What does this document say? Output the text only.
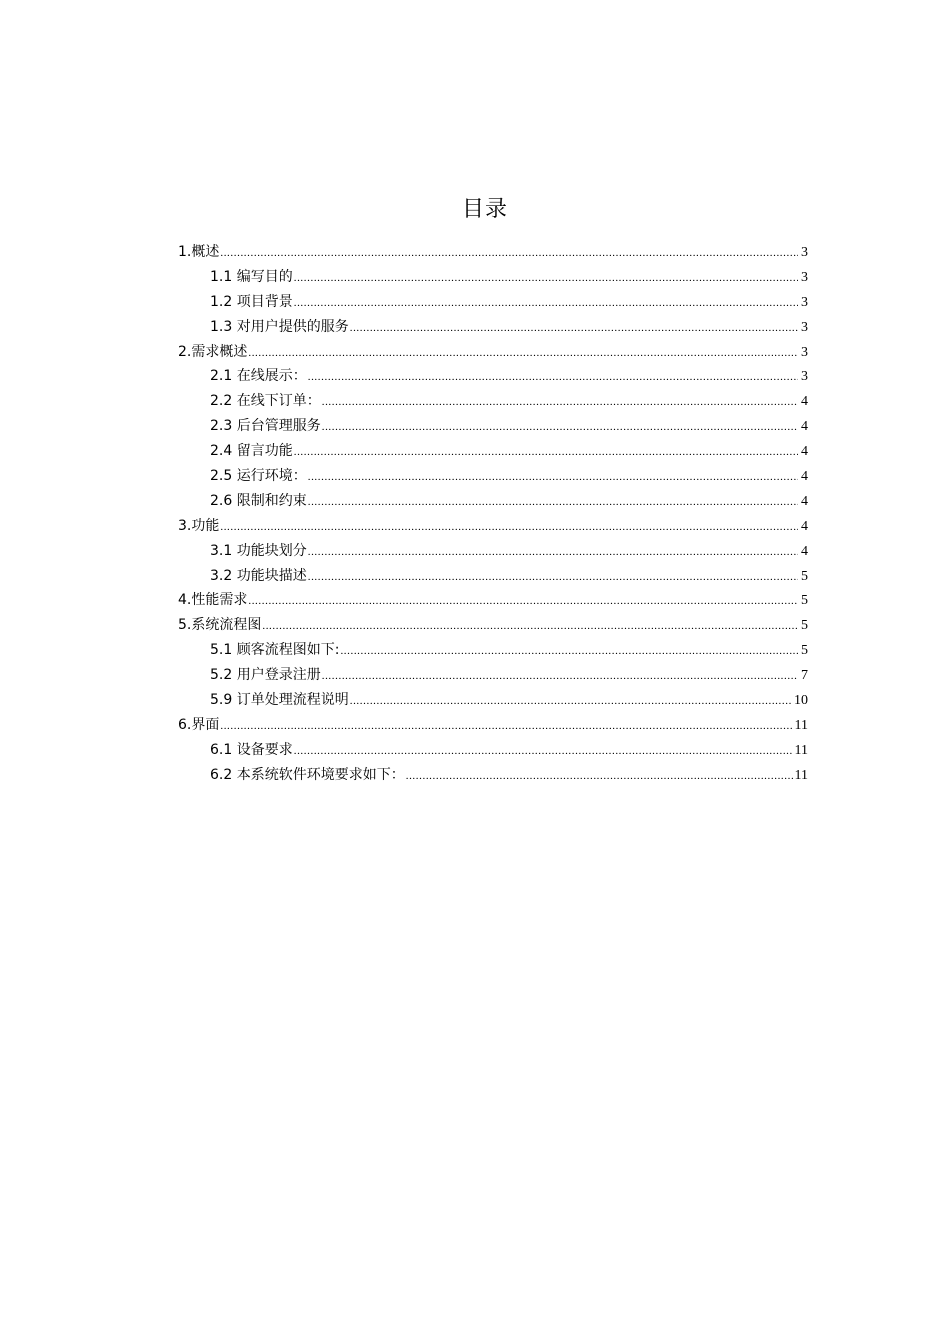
目录
1.概述 .....	3
1.1 编写目的 .....	3
1.2 项目背景 .....	3
1.3 对用户提供的服务 .....	3
2.需求概述 .....	3
2.1 在线展示： .....	3
2.2 在线下订单： .....	4
2.3 后台管理服务 .....	4
2.4 留言功能 .....	4
2.5 运行环境： .....	4
2.6 限制和约束 .....	4
3.功能 .....	4
3.1 功能块划分 .....	4
3.2 功能块描述 .....	5
4.性能需求 .....	5
5.系统流程图 .....	5
5.1 顾客流程图如下: .....	5
5.2 用户登录注册 .....	7
5.9 订单处理流程说明 .....	10
6.界面 .....	11
6.1 设备要求 .....	11
6.2 本系统软件环境要求如下： .....	11
